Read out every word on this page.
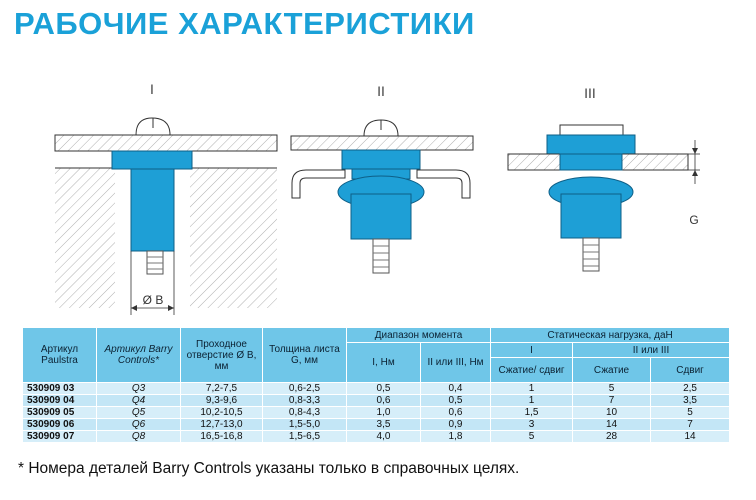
РАБОЧИЕ ХАРАКТЕРИСТИКИ
I
Ø B
II	III
G
Артикул Paulstra	Артикул Barry Controls*	Проходное отверстие Ø B, мм	Толщина листа G, мм	Диапазон момента		Статическая нагрузка, даН		
				I, Нм	II или III, Нм	I	II или III	
						Сжатие/ сдвиг	Сжатие	Сдвиг
530909 03	Q3	7,2-7,5	0,6-2,5	0,5	0,4	1	5	2,5
530909 04	Q4	9,3-9,6	0,8-3,3	0,6	0,5	1	7	3,5
530909 05	Q5	10,2-10,5	0,8-4,3	1,0	0,6	1,5	10	5
530909 06	Q6	12,7-13,0	1,5-5,0	3,5	0,9	3	14	7
530909 07	Q8	16,5-16,8	1,5-6,5	4,0	1,8	5	28	14
* Номера деталей Barry Controls указаны только в справочных целях.
